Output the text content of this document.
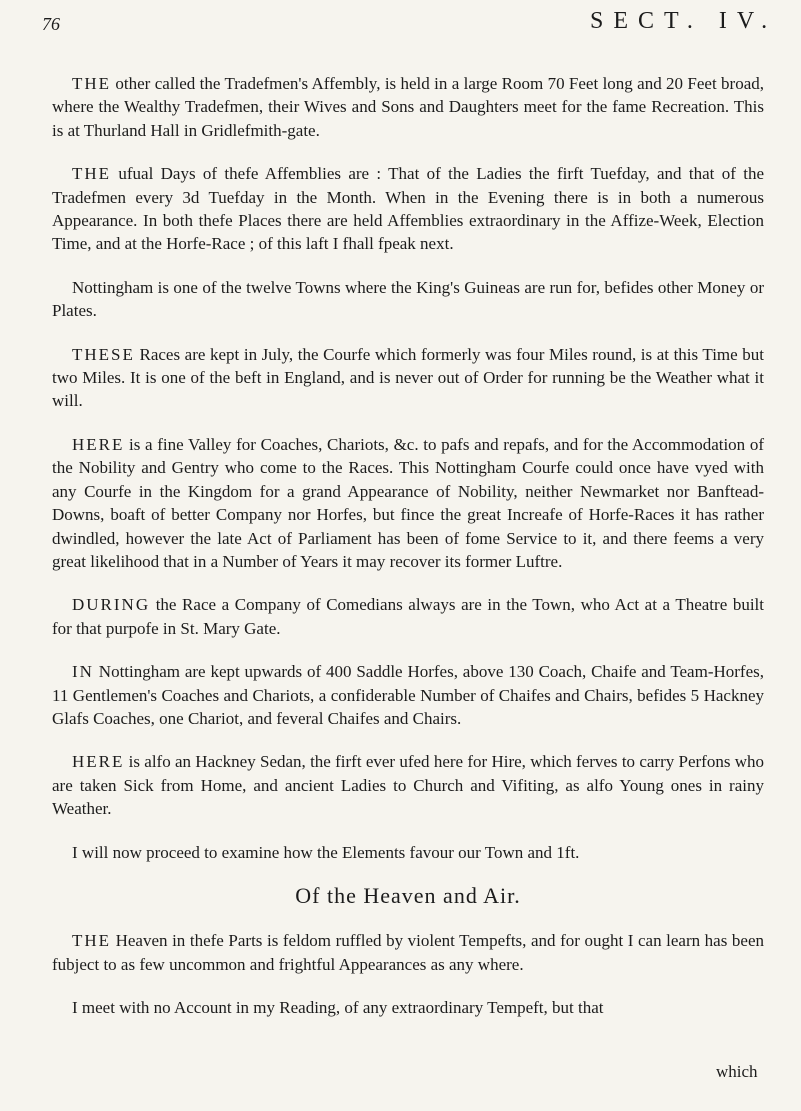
76	SECT. IV.

THE other called the Tradefmen's Affembly, is held in a large Room 70 Feet long and 20 Feet broad, where the Wealthy Tradefmen, their Wives and Sons and Daughters meet for the fame Recreation. This is at Thurland Hall in Gridlefmith-gate.

THE ufual Days of thefe Affemblies are : That of the Ladies the firft Tuefday, and that of the Tradefmen every 3d Tuefday in the Month. When in the Evening there is in both a numerous Appearance. In both thefe Places there are held Affemblies extraordinary in the Affize-Week, Election Time, and at the Horfe-Race ; of this laft I fhall fpeak next.

Nottingham is one of the twelve Towns where the King's Guineas are run for, befides other Money or Plates.

THESE Races are kept in July, the Courfe which formerly was four Miles round, is at this Time but two Miles. It is one of the beft in England, and is never out of Order for running be the Weather what it will.

HERE is a fine Valley for Coaches, Chariots, &c. to pafs and repafs, and for the Accommodation of the Nobility and Gentry who come to the Races. This Nottingham Courfe could once have vyed with any Courfe in the Kingdom for a grand Appearance of Nobility, neither Newmarket nor Banftead-Downs, boaft of better Company nor Horfes, but fince the great Increafe of Horfe-Races it has rather dwindled, however the late Act of Parliament has been of fome Service to it, and there feems a very great likelihood that in a Number of Years it may recover its former Luftre.

DURING the Race a Company of Comedians always are in the Town, who Act at a Theatre built for that purpofe in St. Mary Gate.

IN Nottingham are kept upwards of 400 Saddle Horfes, above 130 Coach, Chaife and Team-Horfes, 11 Gentlemen's Coaches and Chariots, a confiderable Number of Chaifes and Chairs, befides 5 Hackney Glafs Coaches, one Chariot, and feveral Chaifes and Chairs.

HERE is alfo an Hackney Sedan, the firft ever ufed here for Hire, which ferves to carry Perfons who are taken Sick from Home, and ancient Ladies to Church and Vifiting, as alfo Young ones in rainy Weather.

I will now proceed to examine how the Elements favour our Town and 1ft.

Of the Heaven and Air.

THE Heaven in thefe Parts is feldom ruffled by violent Tempefts, and for ought I can learn has been fubject to as few uncommon and frightful Appearances as any where.

I meet with no Account in my Reading, of any extraordinary Tempeft, but that

which
